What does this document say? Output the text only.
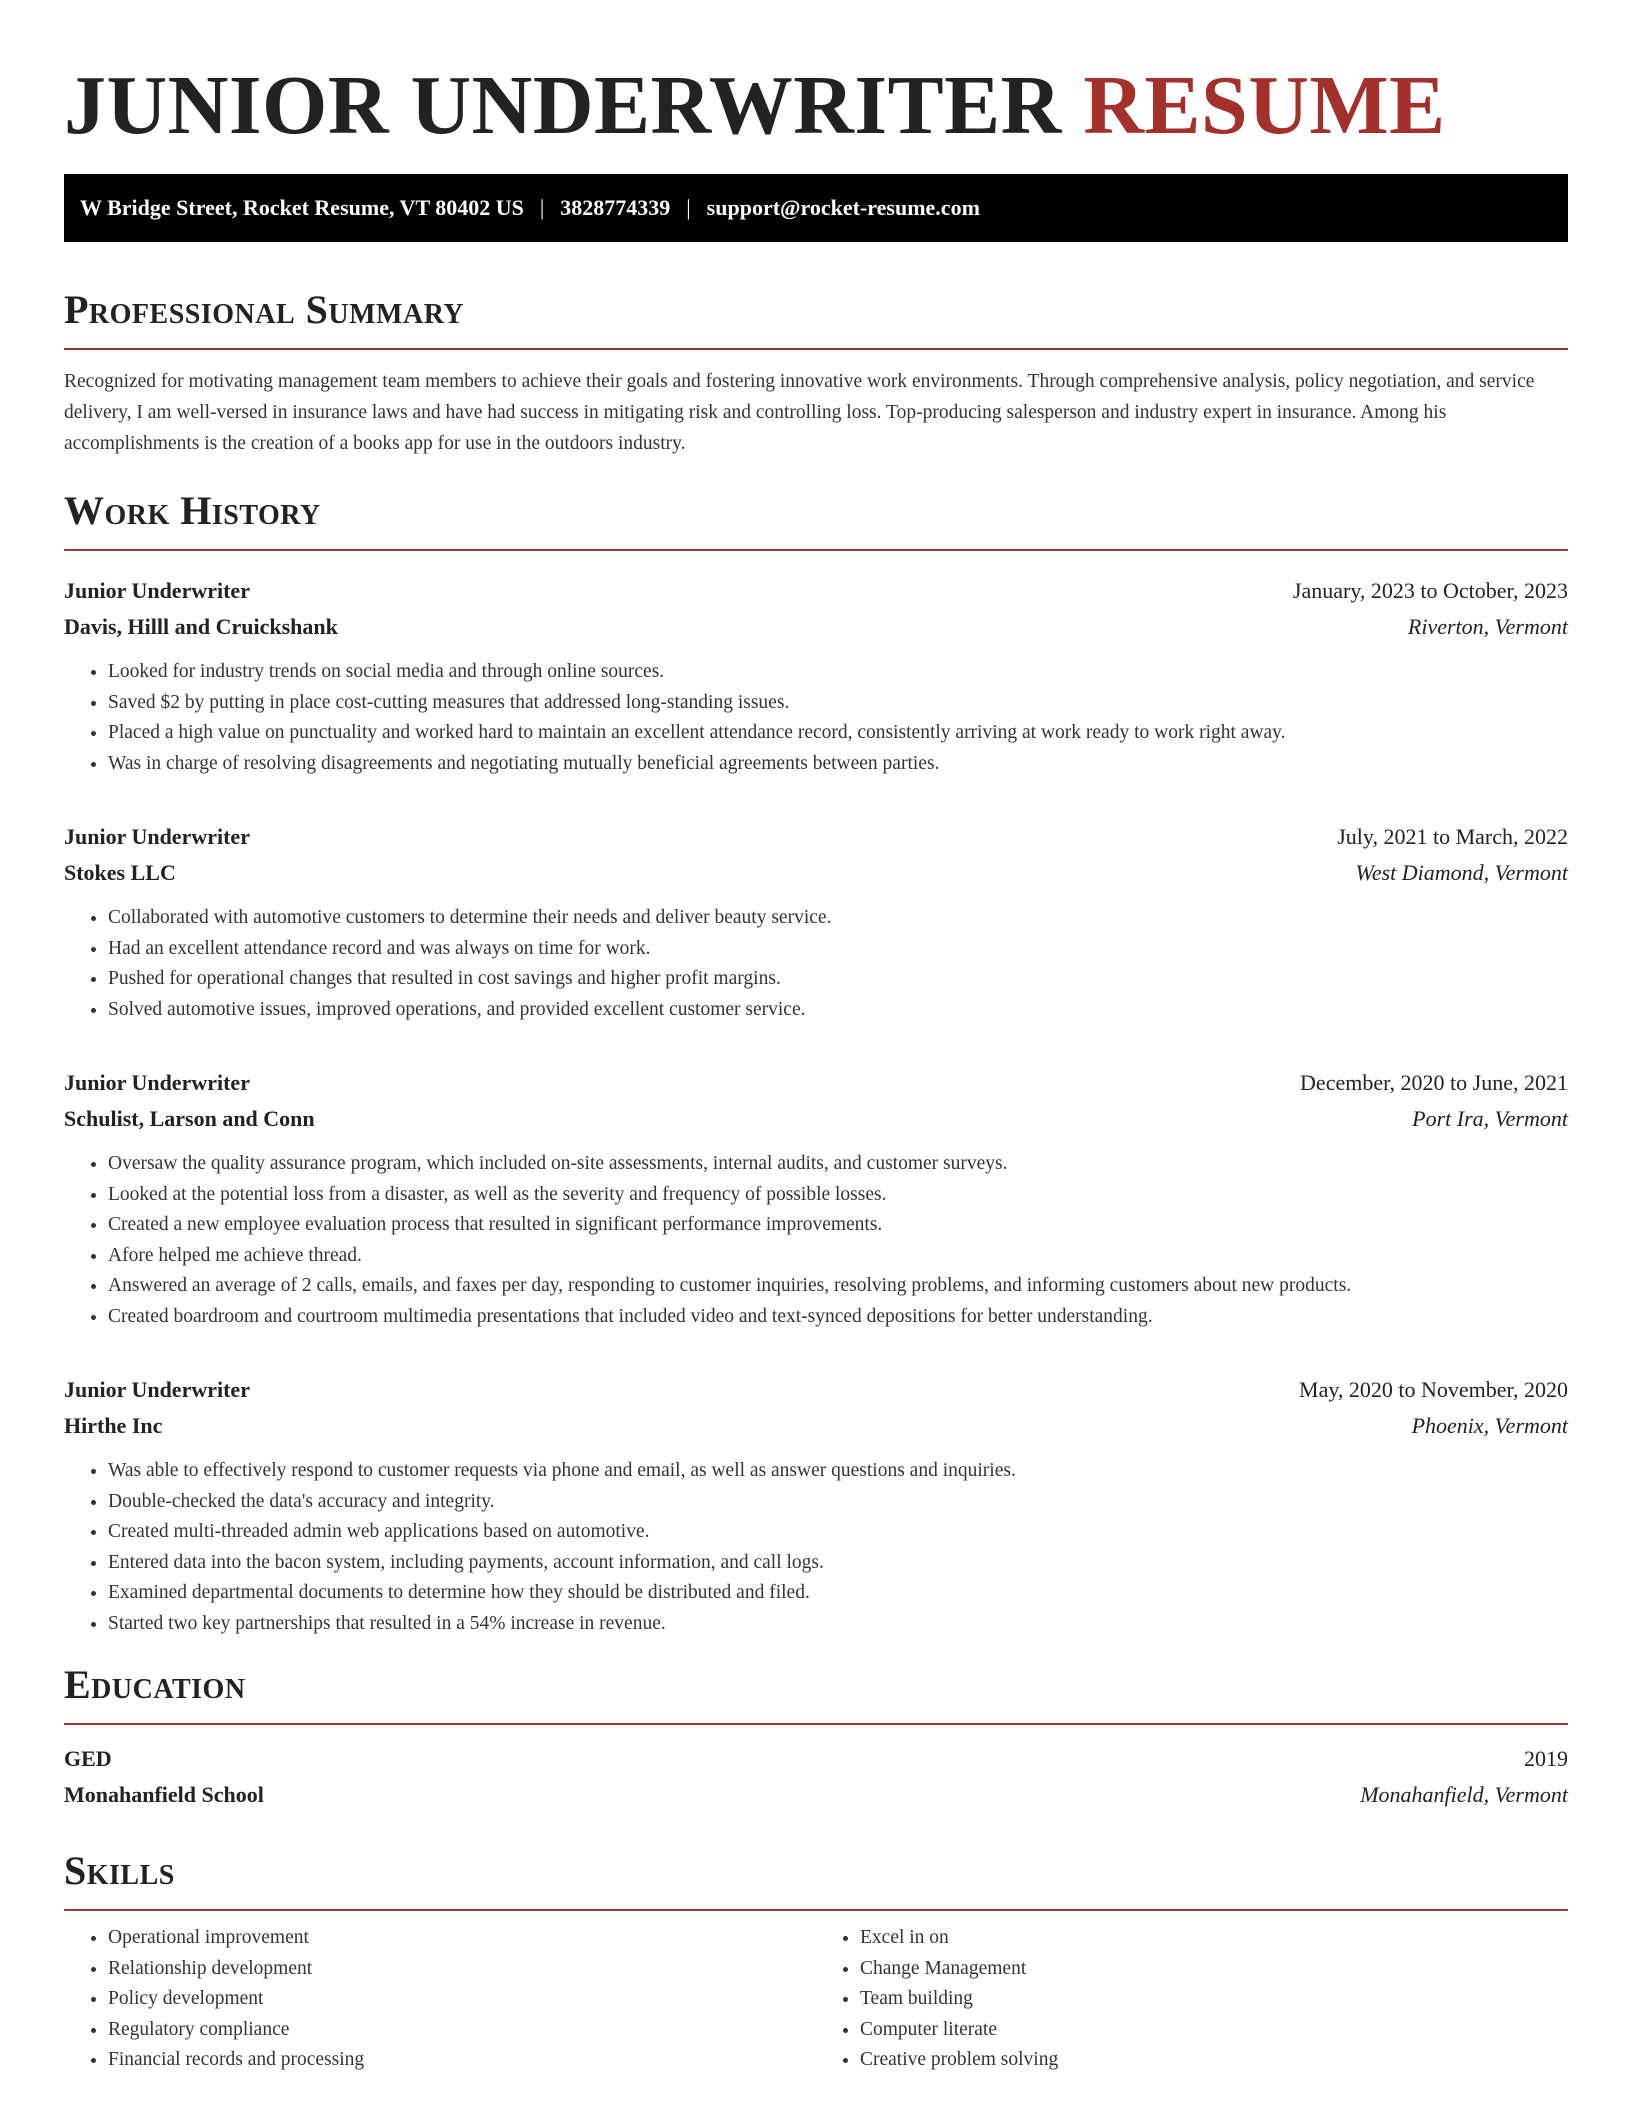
JUNIOR UNDERWRITER RESUME
W Bridge Street, Rocket Resume, VT 80402 US | 3828774339 | support@rocket-resume.com
Professional Summary

Recognized for motivating management team members to achieve their goals and fostering innovative work environments. Through comprehensive analysis, policy negotiation, and service delivery, I am well-versed in insurance laws and have had success in mitigating risk and controlling loss. Top-producing salesperson and industry expert in insurance. Among his accomplishments is the creation of a books app for use in the outdoors industry.

Work History
Junior Underwriter	January, 2023 to October, 2023
Davis, Hilll and Cruickshank	Riverton, Vermont
• Looked for industry trends on social media and through online sources.
• Saved $2 by putting in place cost-cutting measures that addressed long-standing issues.
• Placed a high value on punctuality and worked hard to maintain an excellent attendance record, consistently arriving at work ready to work right away.
• Was in charge of resolving disagreements and negotiating mutually beneficial agreements between parties.
Junior Underwriter	July, 2021 to March, 2022
Stokes LLC	West Diamond, Vermont
• Collaborated with automotive customers to determine their needs and deliver beauty service.
• Had an excellent attendance record and was always on time for work.
• Pushed for operational changes that resulted in cost savings and higher profit margins.
• Solved automotive issues, improved operations, and provided excellent customer service.
Junior Underwriter	December, 2020 to June, 2021
Schulist, Larson and Conn	Port Ira, Vermont
• Oversaw the quality assurance program, which included on-site assessments, internal audits, and customer surveys.
• Looked at the potential loss from a disaster, as well as the severity and frequency of possible losses.
• Created a new employee evaluation process that resulted in significant performance improvements.
• Afore helped me achieve thread.
• Answered an average of 2 calls, emails, and faxes per day, responding to customer inquiries, resolving problems, and informing customers about new products.
• Created boardroom and courtroom multimedia presentations that included video and text-synced depositions for better understanding.
Junior Underwriter	May, 2020 to November, 2020
Hirthe Inc	Phoenix, Vermont
• Was able to effectively respond to customer requests via phone and email, as well as answer questions and inquiries.
• Double-checked the data's accuracy and integrity.
• Created multi-threaded admin web applications based on automotive.
• Entered data into the bacon system, including payments, account information, and call logs.
• Examined departmental documents to determine how they should be distributed and filed.
• Started two key partnerships that resulted in a 54% increase in revenue.
Education
GED	2019
Monahanfield School	Monahanfield, Vermont
Skills
• Operational improvement
• Relationship development
• Policy development
• Regulatory compliance
• Financial records and processing
• Excel in on
• Change Management
• Team building
• Computer literate
• Creative problem solving
